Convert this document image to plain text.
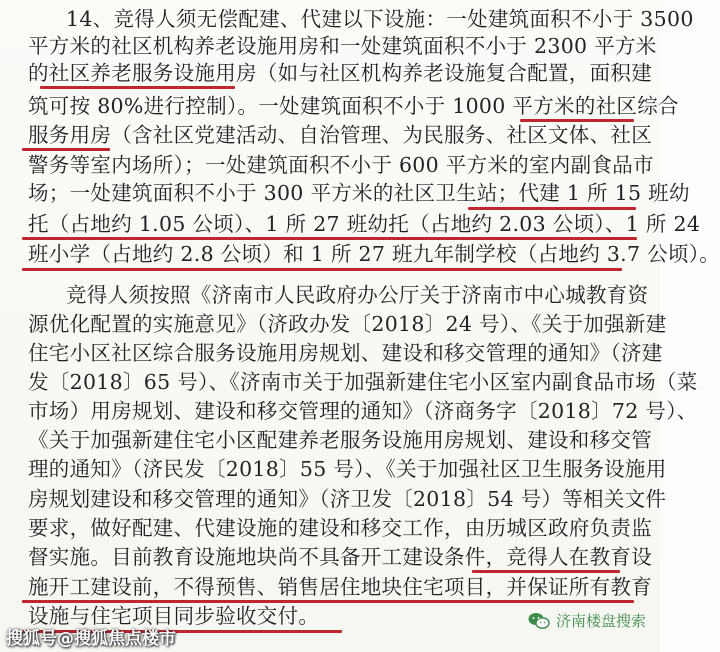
14、竞得人须无偿配建、代建以下设施：一处建筑面积不小于 3500
平方米的社区机构养老设施用房和一处建筑面积不小于 2300 平方米
的社区养老服务设施用房（如与社区机构养老设施复合配置，面积建
筑可按 80%进行控制）。一处建筑面积不小于 1000 平方米的社区综合
服务用房（含社区党建活动、自治管理、为民服务、社区文体、社区
警务等室内场所）；一处建筑面积不小于 600 平方米的室内副食品市
场；一处建筑面积不小于 300 平方米的社区卫生站；代建 1 所 15 班幼
托（占地约 1.05 公顷）、1 所 27 班幼托（占地约 2.03 公顷）、1 所 24
班小学（占地约 2.8 公顷）和 1 所 27 班九年制学校（占地约 3.7 公顷）。
竞得人须按照《济南市人民政府办公厅关于济南市中心城教育资
源优化配置的实施意见》（济政办发〔2018〕24 号）、《关于加强新建
住宅小区社区综合服务设施用房规划、建设和移交管理的通知》（济建
发〔2018〕65 号）、《济南市关于加强新建住宅小区室内副食品市场（菜
市场）用房规划、建设和移交管理的通知》（济商务字〔2018〕72 号）、
《关于加强新建住宅小区配建养老服务设施用房规划、建设和移交管
理的通知》（济民发〔2018〕55 号）、《关于加强社区卫生服务设施用
房规划建设和移交管理的通知》（济卫发〔2018〕54 号）等相关文件
要求，做好配建、代建设施的建设和移交工作，由历城区政府负责监
督实施。目前教育设施地块尚不具备开工建设条件，竞得人在教育设
施开工建设前，不得预售、销售居住地块住宅项目，并保证所有教育
设施与住宅项目同步验收交付。
搜狐号@搜狐焦点楼市
济南楼盘搜索
